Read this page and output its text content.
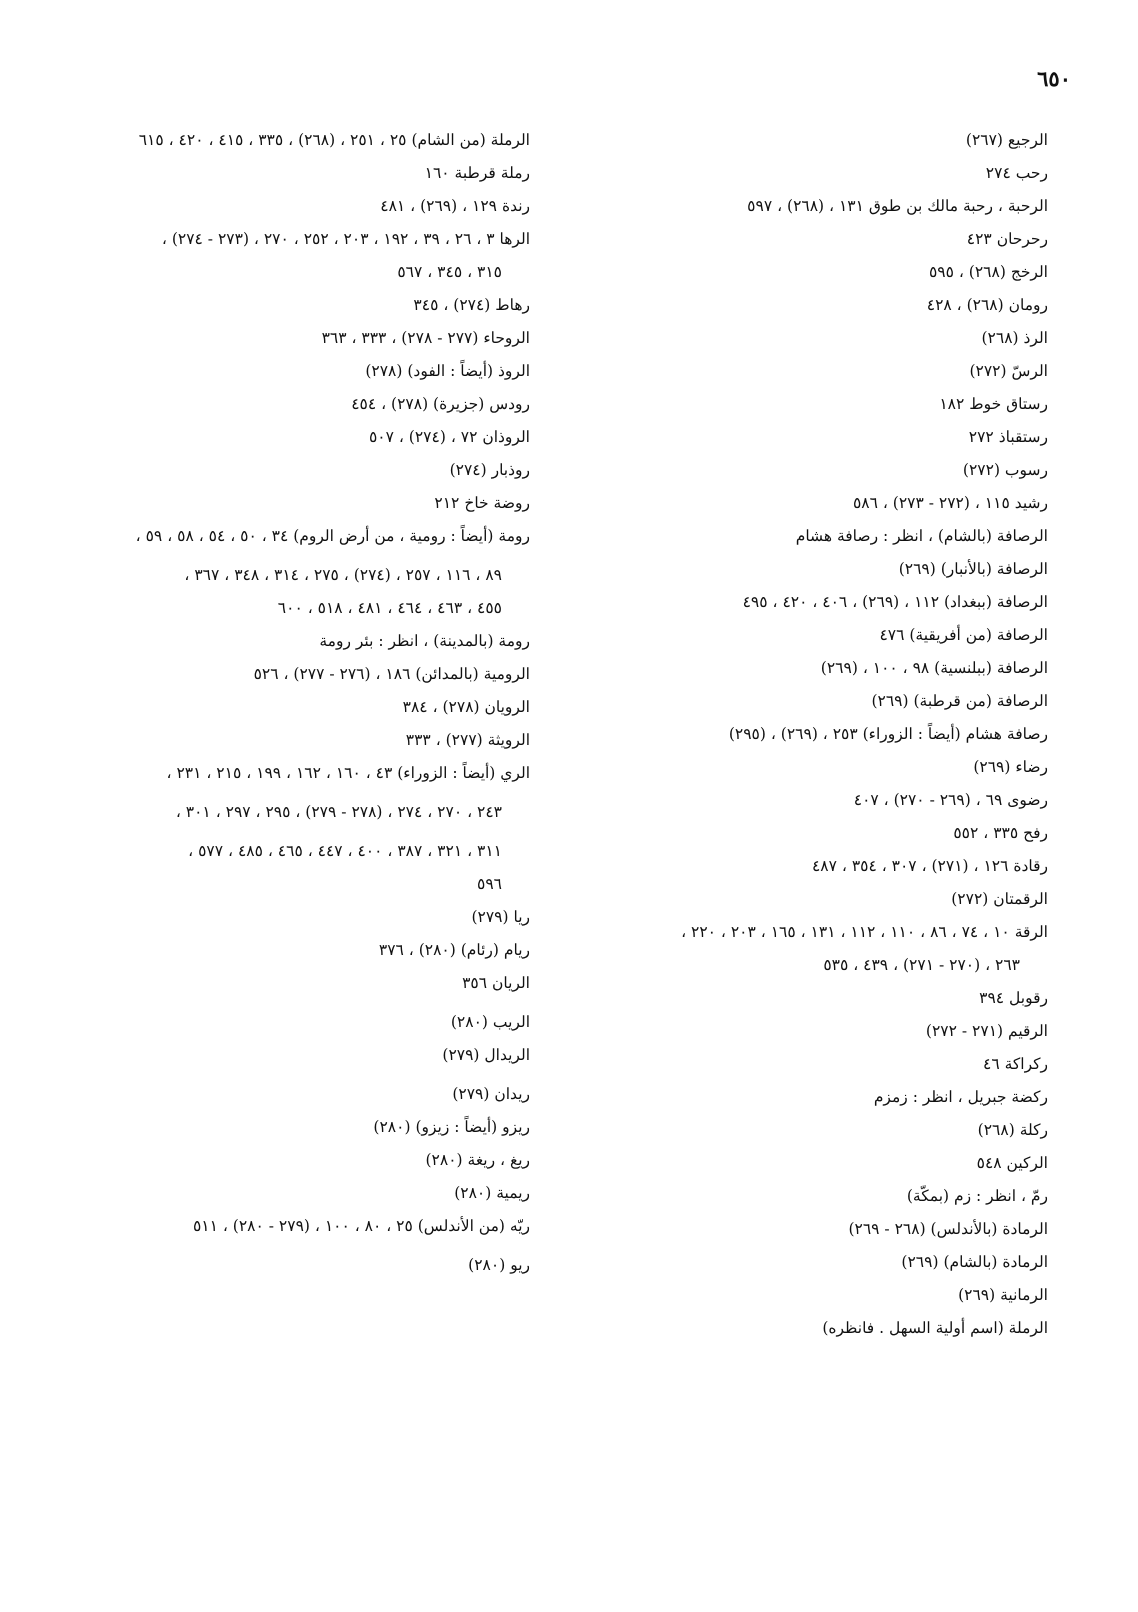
٦٥٠

الرجيع (٢٦٧)

رحب ٢٧٤

الرحبة ، رحبة مالك بن طوق ١٣١ ، (٢٦٨) ، ٥٩٧

رحرحان ٤٢٣

الرخج (٢٦٨) ، ٥٩٥

رومان (٢٦٨) ، ٤٢٨

الرذ (٢٦٨)

الرسّ (٢٧٢)

رستاق خوط ١٨٢

رستقباذ ٢٧٢

رسوب (٢٧٢)

رشيد ١١٥ ، (٢٧٢ - ٢٧٣) ، ٥٨٦

الرصافة (بالشام) ، انظر : رصافة هشام

الرصافة (بالأنبار) (٢٦٩)

الرصافة (ببغداد) ١١٢ ، (٢٦٩) ، ٤٠٦ ، ٤٢٠ ، ٤٩٥

الرصافة (من أفريقية) ٤٧٦

الرصافة (ببلنسية) ٩٨ ، ١٠٠ ، (٢٦٩)

الرصافة (من قرطبة) (٢٦٩)

رصافة هشام (أيضاً : الزوراء) ٢٥٣ ، (٢٦٩) ، (٢٩٥)

رضاء (٢٦٩)

رضوى ٦٩ ، (٢٦٩ - ٢٧٠) ، ٤٠٧

رفح ٣٣٥ ، ٥٥٢

رقادة ١٢٦ ، (٢٧١) ، ٣٠٧ ، ٣٥٤ ، ٤٨٧

الرقمتان (٢٧٢)

الرقة ١٠ ، ٧٤ ، ٨٦ ، ١١٠ ، ١١٢ ، ١٣١ ، ١٦٥ ، ٢٠٣ ، ٢٢٠ ،

٢٦٣ ، (٢٧٠ - ٢٧١) ، ٤٣٩ ، ٥٣٥

رقوبل ٣٩٤

الرقيم (٢٧١ - ٢٧٢)

ركراكة ٤٦

ركضة جبريل ، انظر : زمزم

ركلة (٢٦٨)

الركين ٥٤٨

رمّ ، انظر : زم (بمكّة)

الرمادة (بالأندلس) (٢٦٨ - ٢٦٩)

الرمادة (بالشام) (٢٦٩)

الرمانية (٢٦٩)

الرملة (اسم أولية السهل . فانظره)

الرملة (من الشام) ٢٥ ، ٢٥١ ، (٢٦٨) ، ٣٣٥ ، ٤١٥ ، ٤٢٠ ، ٦١٥

رملة قرطبة ١٦٠

رندة ١٢٩ ، (٢٦٩) ، ٤٨١

الرها ٣ ، ٢٦ ، ٣٩ ، ١٩٢ ، ٢٠٣ ، ٢٥٢ ، ٢٧٠ ، (٢٧٣ - ٢٧٤) ،

٣١٥ ، ٣٤٥ ، ٥٦٧

رهاط (٢٧٤) ، ٣٤٥

الروحاء (٢٧٧ - ٢٧٨) ، ٣٣٣ ، ٣٦٣

الروذ (أيضاً : الفود) (٢٧٨)

رودس (جزيرة) (٢٧٨) ، ٤٥٤

الروذان ٧٢ ، (٢٧٤) ، ٥٠٧

روذبار (٢٧٤)

روضة خاخ ٢١٢

رومة (أيضاً : رومية ، من أرض الروم) ٣٤ ، ٥٠ ، ٥٤ ، ٥٨ ، ٥٩ ،

٨٩ ، ١١٦ ، ٢٥٧ ، (٢٧٤) ، ٢٧٥ ، ٣١٤ ، ٣٤٨ ، ٣٦٧ ،

٤٥٥ ، ٤٦٣ ، ٤٦٤ ، ٤٨١ ، ٥١٨ ، ٦٠٠

رومة (بالمدينة) ، انظر : بئر رومة

الرومية (بالمدائن) ١٨٦ ، (٢٧٦ - ٢٧٧) ، ٥٢٦

الرويان (٢٧٨) ، ٣٨٤

الرويثة (٢٧٧) ، ٣٣٣

الري (أيضاً : الزوراء) ٤٣ ، ١٦٠ ، ١٦٢ ، ١٩٩ ، ٢١٥ ، ٢٣١ ،

٢٤٣ ، ٢٧٠ ، ٢٧٤ ، (٢٧٨ - ٢٧٩) ، ٢٩٥ ، ٢٩٧ ، ٣٠١ ،

٣١١ ، ٣٢١ ، ٣٨٧ ، ٤٠٠ ، ٤٤٧ ، ٤٦٥ ، ٤٨٥ ، ٥٧٧ ،

٥٩٦

ريا (٢٧٩)

ريام (رئام) (٢٨٠) ، ٣٧٦

الريان ٣٥٦

الريب (٢٨٠)

الريدال (٢٧٩)

ريدان (٢٧٩)

ريزو (أيضاً : زيزو) (٢٨٠)

ريغ ، ريغة (٢٨٠)

ريمية (٢٨٠)

ريّه (من الأندلس) ٢٥ ، ٨٠ ، ١٠٠ ، (٢٧٩ - ٢٨٠) ، ٥١١

ريو (٢٨٠)
